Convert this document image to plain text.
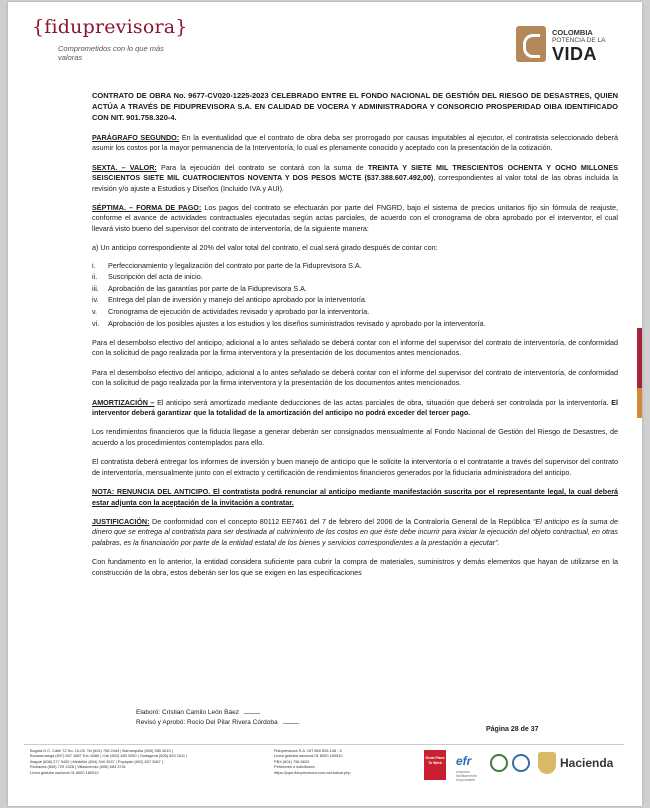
{fiduprevisora}
Comprometidos con lo que más valoras
COLOMBIA
POTENCIA DE LA
VIDA
CONTRATO DE OBRA No. 9677-CV020-1225-2023 CELEBRADO ENTRE EL FONDO NACIONAL DE GESTIÓN DEL RIESGO DE DESASTRES, QUIEN ACTÚA A TRAVÉS DE FIDUPREVISORA S.A. EN CALIDAD DE VOCERA Y ADMINISTRADORA Y CONSORCIO PROSPERIDAD OIBA IDENTIFICADO CON NIT. 901.758.320-4.

PARÁGRAFO SEGUNDO: En la eventualidad que el contrato de obra deba ser prorrogado por causas imputables al ejecutor, el contratista seleccionado deberá asumir los costos por la mayor permanencia de la Interventoría, lo cual es plenamente conocido y aceptado con la presentación de la cotización.

SEXTA. – VALOR: Para la ejecución del contrato se contará con la suma de TREINTA Y SIETE MIL TRESCIENTOS OCHENTA Y OCHO MILLONES SEISCIENTOS SIETE MIL CUATROCIENTOS NOVENTA Y DOS PESOS M/CTE ($37.388.607.492,00), correspondientes al valor total de las obras incluida la revisión y/o ajuste a Estudios y Diseños (Incluido IVA y AUI).

SÉPTIMA. – FORMA DE PAGO: Los pagos del contrato se efectuarán por parte del FNGRD, bajo el sistema de precios unitarios fijo sin fórmula de reajuste, conforme el avance de actividades contractuales ejecutadas según actas parciales, de acuerdo con el cronograma de obra aprobado por el interventor, el cual llevará visto bueno del supervisor del contrato de interventoría, de la siguiente manera:

a) Un anticipo correspondiente al 20% del valor total del contrato, el cual será girado después de contar con:

i.	Perfeccionamiento y legalización del contrato por parte de la Fiduprevisora S.A.
ii.	Suscripción del acta de inicio.
iii.	Aprobación de las garantías por parte de la Fiduprevisora S.A.
iv.	Entrega del plan de inversión y manejo del anticipo aprobado por la interventoría.
v.	Cronograma de ejecución de actividades revisado y aprobado por la interventoría.
vi.	Aprobación de los posibles ajustes a los estudios y los diseños suministrados revisado y aprobado por la interventoría.

Para el desembolso efectivo del anticipo, adicional a lo antes señalado se deberá contar con el informe del supervisor del contrato de interventoría, de conformidad con la solicitud de pago realizada por la firma interventora y la presentación de los documentos antes mencionados.

Para el desembolso efectivo del anticipo, adicional a lo antes señalado se deberá contar con el informe del supervisor del contrato de interventoría, de conformidad con la solicitud de pago realizada por la firma interventora y la presentación de los documentos antes mencionados.

AMORTIZACIÓN – El anticipo será amortizado mediante deducciones de las actas parciales de obra, situación que deberá ser controlada por la interventoría. El interventor deberá garantizar que la totalidad de la amortización del anticipo no podrá exceder del tercer pago.

Los rendimientos financieros que la fiducia llegase a generar deberán ser consignados mensualmente al Fondo Nacional de Gestión del Riesgo de Desastres, de acuerdo a los procedimientos contemplados para ello.

El contratista deberá entregar los informes de inversión y buen manejo de anticipo que le solicite la interventoría o el contratante a través del supervisor del contrato de interventoría, mensualmente junto con el extracto y certificación de rendimientos financieros generados por la fiduciaria administradora del anticipo.

NOTA: RENUNCIA DEL ANTICIPO. El contratista podrá renunciar al anticipo mediante manifestación suscrita por el representante legal, la cual deberá estar adjunta con la aceptación de la invitación a contratar.

JUSTIFICACIÓN: De conformidad con el concepto 80112 EE7461 del 7 de febrero del 2006 de la Contraloría General de la República “El anticipo es la suma de dinero que se entrega al contratista para ser destinada al cubrimiento de los costos en que éste debe incurrir para iniciar la ejecución del objeto contractual, en otras palabras, es la financiación por parte de la entidad estatal de los bienes y servicios correspondientes a la prestación a ejecutar”.

Con fundamento en lo anterior, la entidad considera suficiente para cubrir la compra de materiales, suministros y demás elementos que hayan de utilizarse en la construcción de la obra, estos deberán ser los que se exigen en las especificaciones

Elaboró: Cristian Camilo León Báez
Revisó y Aprobó: Rocío Del Pilar Rivera Córdoba
Página 28 de 37
Bogotá D.C. Calle 72 No. 10-03. Tel (601) 756 2444 | Barranquilla (605) 385 4010 |
Bucaramanga (607) 697 1687 Ext: 6080 | Cali (602) 485 3050 | Cartagena (605) 693 1611 |
Ibagué (608) 277 9430 | Medellín (604) 340 3937 | Popayán (602) 837 3067 |
Riohacha (605) 729 1328 | Villavicencio (608) 683 3751
Línea gratuita nacional 01 8000 180510
Fiduprevisora S.A. NIT 860.525.148 - 5
Línea gratuita nacional 01 8000 180510
PBX (601) 756 6633
Peticiones o solicitudes:
https://pqrs.fiduprevisora.com.co/radicar.php
Great Place To Work	efr
empresa familiarmente responsable
Hacienda
